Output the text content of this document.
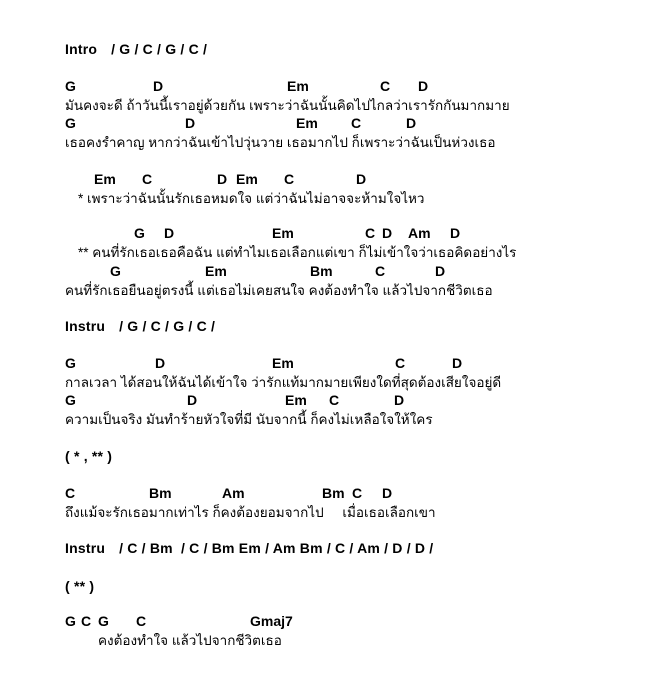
Intro / G / C / G / C /
G	D	Em	C D
มันคงจะดี ถ้าวันนี้เราอยู่ด้วยกัน เพราะว่าฉันนั้นคิดไปไกลว่าเรารักกันมากมาย
G	D	Em C	D
เธอคงรำคาญ หากว่าฉันเข้าไปวุ่นวาย เธอมากไป ก็เพราะว่าฉันเป็นห่วงเธอ
Em C	D Em C	D
* เพราะว่าฉันนั้นรักเธอหมดใจ แต่ว่าฉันไม่อาจจะห้ามใจไหว
G D	Em	C D Am D
** คนที่รักเธอเธอคือฉัน แต่ทำไมเธอเลือกแต่เขา ก็ไม่เข้าใจว่าเธอคิดอย่างไร
G	Em	Bm	C	D
คนที่รักเธอยืนอยู่ตรงนี้ แต่เธอไม่เคยสนใจ คงต้องทำใจ แล้วไปจากชีวิตเธอ
Instru / G / C / G / C /
G	D	Em	C	D
กาลเวลา ได้สอนให้ฉันได้เข้าใจ ว่ารักแท้มากมายเพียงใดที่สุดต้องเสียใจอยู่ดี
G	D	Em C	D
ความเป็นจริง มันทำร้ายหัวใจที่มี นับจากนี้ ก็คงไม่เหลือใจให้ใคร
( * , ** )
C	Bm	Am	Bm C D
ถึงแม้จะรักเธอมากเท่าไร ก็คงต้องยอมจากไป     เมื่อเธอเลือกเขา
Instru / C / Bm  / C / Bm Em / Am Bm / C / Am / D / D /
( ** )
G C G C	Gmaj7
คงต้องทำใจ แล้วไปจากชีวิตเธอ
